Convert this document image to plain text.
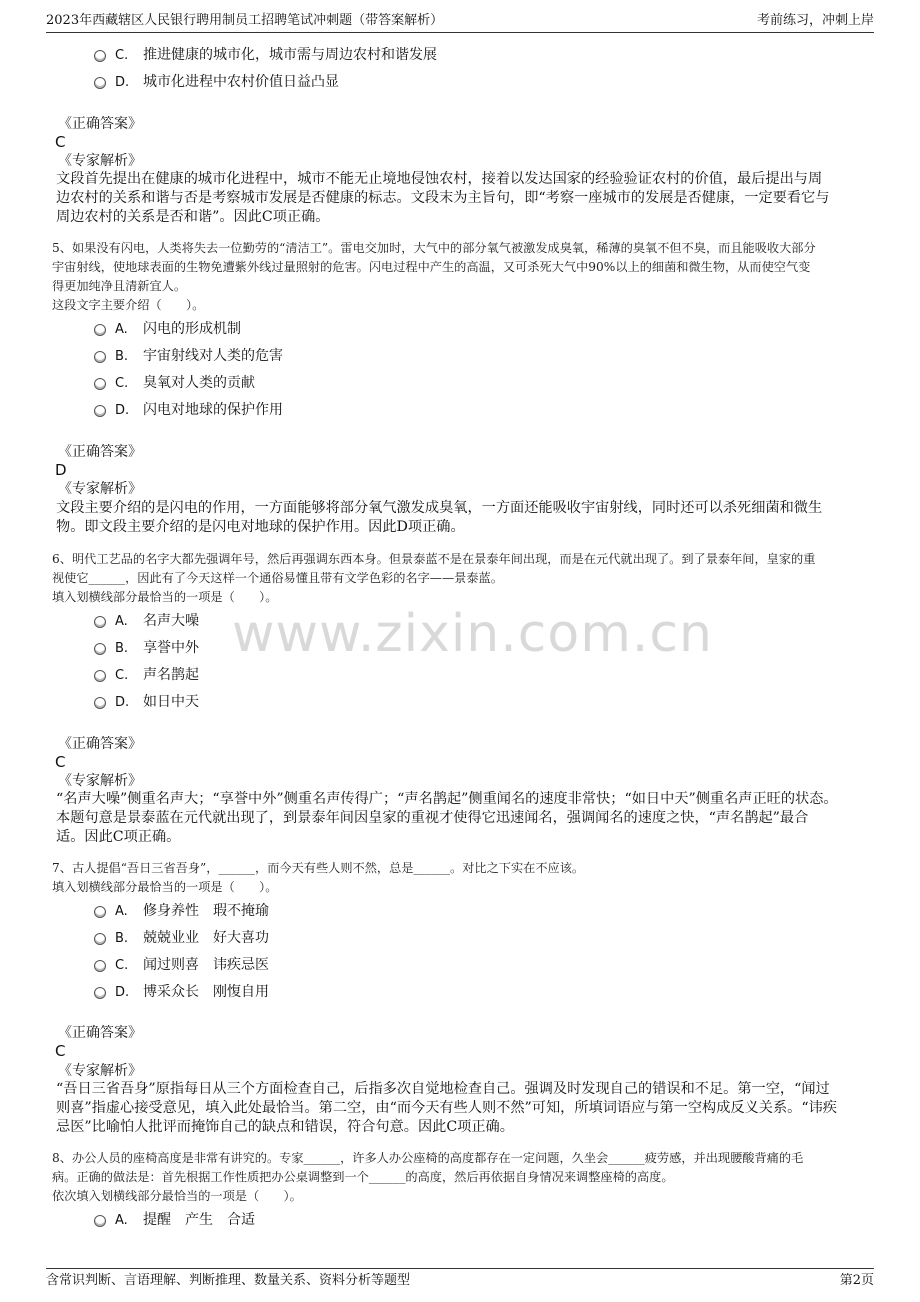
2023年西藏辖区人民银行聘用制员工招聘笔试冲刺题（带答案解析）	考前练习，冲刺上岸
www.zixin.com.cn
C. 推进健康的城市化，城市需与周边农村和谐发展
D. 城市化进程中农村价值日益凸显
《正确答案》
C
《专家解析》
文段首先提出在健康的城市化进程中，城市不能无止境地侵蚀农村，接着以发达国家的经验验证农村的价值，最后提出与周
边农村的关系和谐与否是考察城市发展是否健康的标志。文段末为主旨句，即“考察一座城市的发展是否健康，一定要看它与
周边农村的关系是否和谐”。因此C项正确。
5、如果没有闪电，人类将失去一位勤劳的“清洁工”。雷电交加时，大气中的部分氧气被激发成臭氧，稀薄的臭氧不但不臭，而且能吸收大部分
宇宙射线，使地球表面的生物免遭紫外线过量照射的危害。闪电过程中产生的高温，又可杀死大气中90%以上的细菌和微生物，从而使空气变
得更加纯净且清新宜人。
这段文字主要介绍（　　）。
A. 闪电的形成机制
B. 宇宙射线对人类的危害
C. 臭氧对人类的贡献
D. 闪电对地球的保护作用
《正确答案》
D
《专家解析》
文段主要介绍的是闪电的作用，一方面能够将部分氧气激发成臭氧，一方面还能吸收宇宙射线，同时还可以杀死细菌和微生
物。即文段主要介绍的是闪电对地球的保护作用。因此D项正确。
6、明代工艺品的名字大都先强调年号，然后再强调东西本身。但景泰蓝不是在景泰年间出现，而是在元代就出现了。到了景泰年间，皇家的重
视使它______，因此有了今天这样一个通俗易懂且带有文学色彩的名字——景泰蓝。
填入划横线部分最恰当的一项是（　　）。
A. 名声大噪
B. 享誉中外
C. 声名鹊起
D. 如日中天
《正确答案》
C
《专家解析》
“名声大噪”侧重名声大；“享誉中外”侧重名声传得广；“声名鹊起”侧重闻名的速度非常快；“如日中天”侧重名声正旺的状态。
本题句意是景泰蓝在元代就出现了，到景泰年间因皇家的重视才使得它迅速闻名，强调闻名的速度之快，“声名鹊起”最合
适。因此C项正确。
7、古人提倡“吾日三省吾身”，______，而今天有些人则不然，总是______。对比之下实在不应该。
填入划横线部分最恰当的一项是（　　）。
A. 修身养性　瑕不掩瑜
B. 兢兢业业　好大喜功
C. 闻过则喜　讳疾忌医
D. 博采众长　刚愎自用
《正确答案》
C
《专家解析》
“吾日三省吾身”原指每日从三个方面检查自己，后指多次自觉地检查自己。强调及时发现自己的错误和不足。第一空，“闻过
则喜”指虚心接受意见，填入此处最恰当。第二空，由“而今天有些人则不然”可知，所填词语应与第一空构成反义关系。“讳疾
忌医”比喻怕人批评而掩饰自己的缺点和错误，符合句意。因此C项正确。
8、办公人员的座椅高度是非常有讲究的。专家______，许多人办公座椅的高度都存在一定问题，久坐会______疲劳感，并出现腰酸背痛的毛
病。正确的做法是：首先根据工作性质把办公桌调整到一个______的高度，然后再依据自身情况来调整座椅的高度。
依次填入划横线部分最恰当的一项是（　　）。
A. 提醒　产生　合适
含常识判断、言语理解、判断推理、数量关系、资料分析等题型	第2页
